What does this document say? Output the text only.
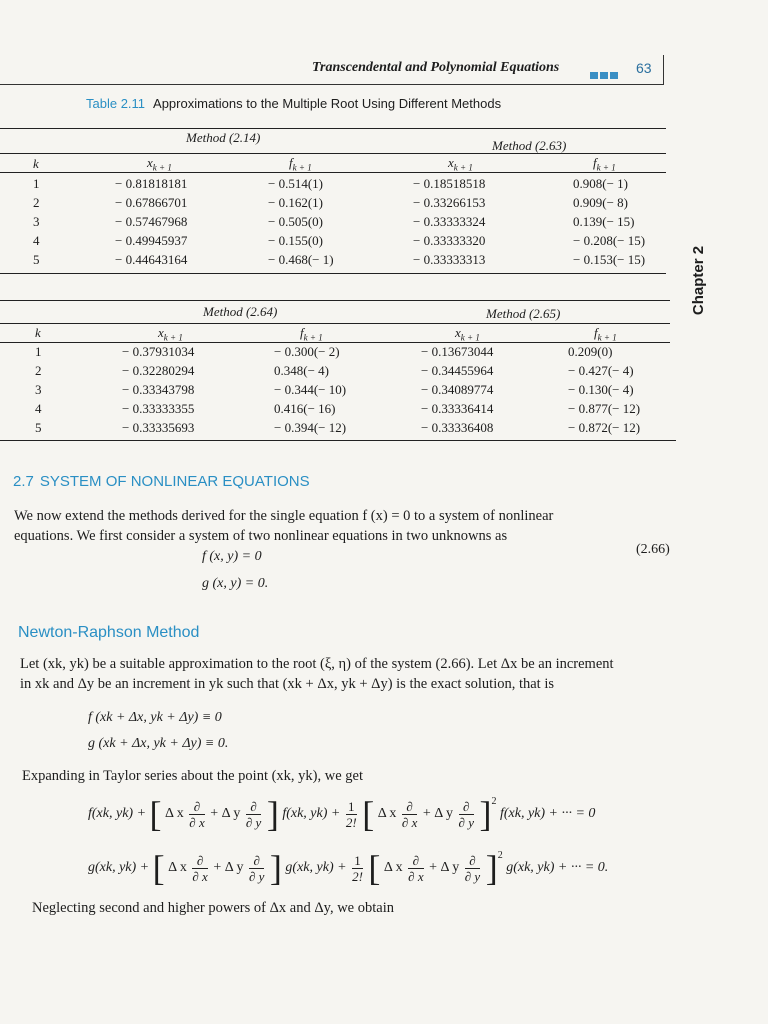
Transcendental and Polynomial Equations	63
Chapter 2
Table 2.11 Approximations to the Multiple Root Using Different Methods
Method (2.14)
Method (2.63)
k	$x_{k + 1}$	$f_{k + 1}$	$x_{k + 1}$	$f_{k + 1}$
1	− 0.81818181	− 0.514(1)	− 0.18518518	0.908(− 1)
2	− 0.67866701	− 0.162(1)	− 0.33266153	0.909(− 8)
3	− 0.57467968	− 0.505(0)	− 0.33333324	0.139(− 15)
4	− 0.49945937	− 0.155(0)	− 0.33333320	− 0.208(− 15)
5	− 0.44643164	− 0.468(− 1)	− 0.33333313	− 0.153(− 15)
Method (2.64)	Method (2.65)
k	$x_{k + 1}$	$f_{k + 1}$	$x_{k + 1}$	$f_{k + 1}$
1	− 0.37931034	− 0.300(− 2)	− 0.13673044	0.209(0)
2	− 0.32280294	0.348(− 4)	− 0.34455964	− 0.427(− 4)
3	− 0.33343798	− 0.344(− 10)	− 0.34089774	− 0.130(− 4)
4	− 0.33333355	0.416(− 16)	− 0.33336414	− 0.877(− 12)
5	− 0.33335693	− 0.394(− 12)	− 0.33336408	− 0.872(− 12)
2.7 SYSTEM OF NONLINEAR EQUATIONS
We now extend the methods derived for the single equation f (x) = 0 to a system of nonlinear
equations. We first consider a system of two nonlinear equations in two unknowns as
f (x, y) = 0
g (x, y) = 0.
(2.66)
Newton-Raphson Method
Let (xk, yk) be a suitable approximation to the root (ξ, η) of the system (2.66). Let Δx be an increment
in xk and Δy be an increment in yk such that (xk + Δx, yk + Δy) is the exact solution, that is
f (xk + Δx, yk + Δy) ≡ 0
g (xk + Δx, yk + Δy) ≡ 0.
Expanding in Taylor series about the point (xk, yk), we get
f(xk, yk) + [ Δ x $\frac{\partial}{\partial x} + \Delta$ y $\frac{\partial}{\partial y}$ ] f(xk, $yk) + \frac{1}{2!}$ [ Δ x $\frac{\partial}{\partial x} + \Delta$ y $\frac{\partial}{\partial y} ]^2$ f(xk, yk) + ··· = 0
g(xk, yk) + [ Δ x $\frac{\partial}{\partial x} + \Delta$ y $\frac{\partial}{\partial y}$ ] g(xk, $yk) + \frac{1}{2!}$ [ Δ x $\frac{\partial}{\partial x} + \Delta$ y $\frac{\partial}{\partial y} ]^2$ g(xk, yk) + ··· = 0.
Neglecting second and higher powers of Δx and Δy, we obtain
